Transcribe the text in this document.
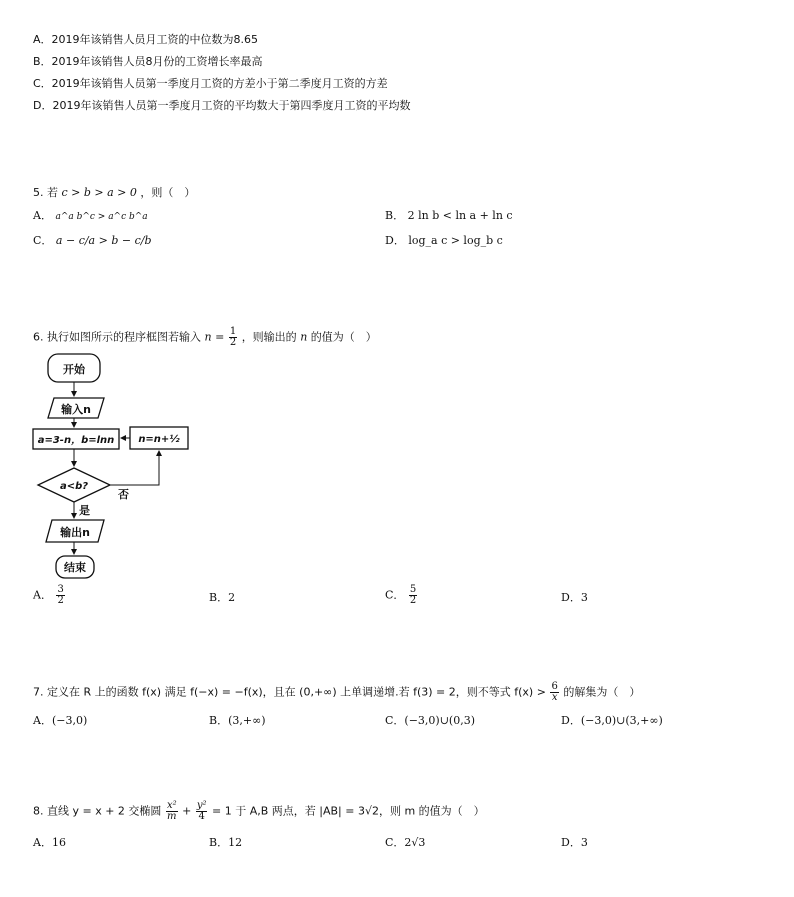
A．2019年该销售人员月工资的中位数为8.65
B．2019年该销售人员8月份的工资增长率最高
C．2019年该销售人员第一季度月工资的方差小于第二季度月工资的方差
D．2019年该销售人员第一季度月工资的平均数大于第四季度月工资的平均数
5. 若 c > b > a > 0 ，则（　）
A． a^a b^c > a^c b^a	B． 2 ln b < ln a + ln c
C． a − c/a > b − c/b	D． log_a c > log_b c
6. 执行如图所示的程序框图若输入 $n = \frac{1}{2}$ ，则输出的 n 的值为（　）
开始
输入n
a=3-n，b=lnn n=n+½
a<b?
否
是
输出n
结束
A． $\frac{3}{2}$	B．2	C． $\frac{5}{2}$	D．3
7. 定义在 R 上的函数 f(x) 满足 f(−x) = −f(x)，且在 (0,+∞) 上单调递增.若 f(3) = 2，则不等式 $f(x) > \frac{6}{x}$ 的解集为（　）
A．(−3,0)	B．(3,+∞)	C．(−3,0)∪(0,3)	D．(−3,0)∪(3,+∞)
8. 直线 y = x + 2 交椭圆 $\frac{\text{x²}}{m} + \frac{\text{y²}}{4} = 1$ 于 A,B 两点，若 |AB| = 3√2，则 m 的值为（　）
A．16	B．12	C．2√3	D．3
